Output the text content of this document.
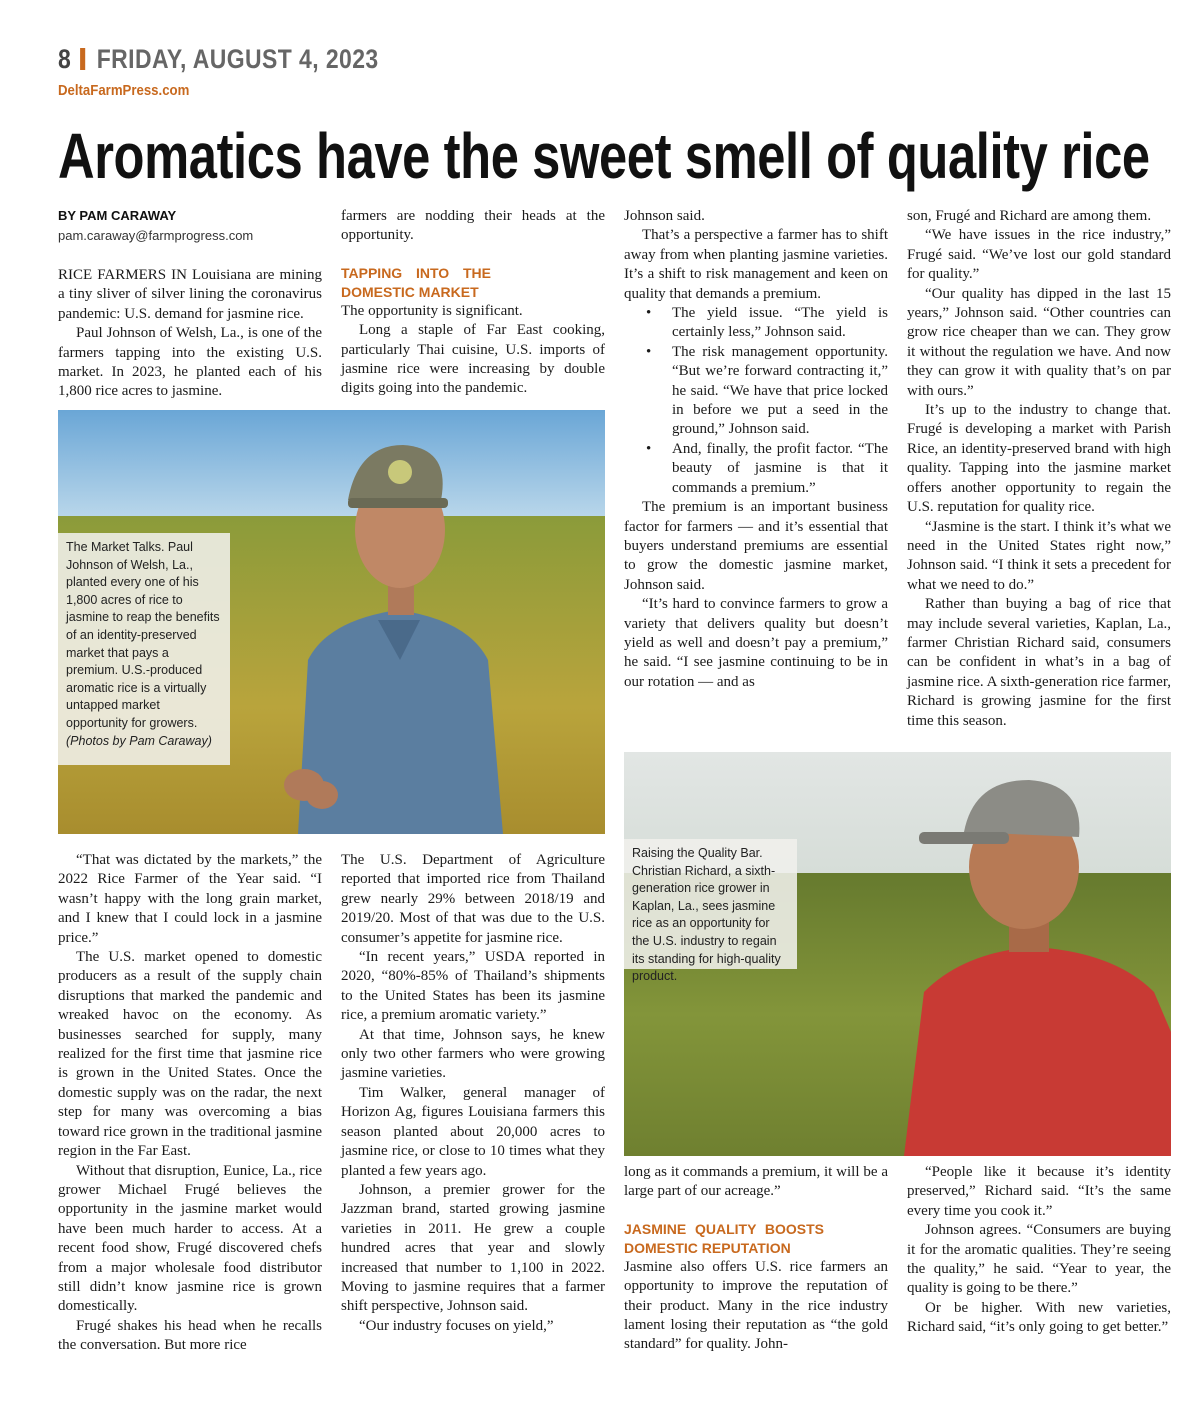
8 FRIDAY, AUGUST 4, 2023
DeltaFarmPress.com
Aromatics have the sweet smell of quality rice
BY PAM CARAWAY
pam.caraway@farmprogress.com

RICE FARMERS IN Louisiana are mining a tiny sliver of silver lining the coronavirus pandemic: U.S. demand for jasmine rice.

Paul Johnson of Welsh, La., is one of the farmers tapping into the existing U.S. market. In 2023, he planted each of his 1,800 rice acres to jasmine.

farmers are nodding their heads at the opportunity.

TAPPING INTO THE DOMESTIC MARKET

The opportunity is significant.

Long a staple of Far East cooking, particularly Thai cuisine, U.S. imports of jasmine rice were increasing by double digits going into the pandemic.

Johnson said.

That’s a perspective a farmer has to shift away from when planting jasmine varieties. It’s a shift to risk management and keen on quality that demands a premium.

• The yield issue. “The yield is certainly less,” Johnson said.
• The risk management opportunity. “But we’re forward contracting it,” he said. “We have that price locked in before we put a seed in the ground,” Johnson said.
• And, finally, the profit factor. “The beauty of jasmine is that it commands a premium.”

The premium is an important business factor for farmers — and it’s essential that buyers understand premiums are essential to grow the domestic jasmine market, Johnson said.

“It’s hard to convince farmers to grow a variety that delivers quality but doesn’t yield as well and doesn’t pay a premium,” he said. “I see jasmine continuing to be in our rotation — and as

son, Frugé and Richard are among them.

“We have issues in the rice industry,” Frugé said. “We’ve lost our gold standard for quality.”

“Our quality has dipped in the last 15 years,” Johnson said. “Other countries can grow rice cheaper than we can. They grow it without the regulation we have. And now they can grow it with quality that’s on par with ours.”

It’s up to the industry to change that. Frugé is developing a market with Parish Rice, an identity-preserved brand with high quality. Tapping into the jasmine market offers another opportunity to regain the U.S. reputation for quality rice.

“Jasmine is the start. I think it’s what we need in the United States right now,” Johnson said. “I think it sets a precedent for what we need to do.”

Rather than buying a bag of rice that may include several varieties, Kaplan, La., farmer Christian Richard said, consumers can be confident in what’s in a bag of jasmine rice. A sixth-generation rice farmer, Richard is growing jasmine for the first time this season.

The Market Talks. Paul Johnson of Welsh, La., planted every one of his 1,800 acres of rice to jasmine to reap the benefits of an identity-preserved market that pays a premium. U.S.-produced aromatic rice is a virtually untapped market opportunity for growers. (Photos by Pam Caraway)

“That was dictated by the markets,” the 2022 Rice Farmer of the Year said. “I wasn’t happy with the long grain market, and I knew that I could lock in a jasmine price.”

The U.S. market opened to domestic producers as a result of the supply chain disruptions that marked the pandemic and wreaked havoc on the economy. As businesses searched for supply, many realized for the first time that jasmine rice is grown in the United States. Once the domestic supply was on the radar, the next step for many was overcoming a bias toward rice grown in the traditional jasmine region in the Far East.

Without that disruption, Eunice, La., rice grower Michael Frugé believes the opportunity in the jasmine market would have been much harder to access. At a recent food show, Frugé discovered chefs from a major wholesale food distributor still didn’t know jasmine rice is grown domestically.

Frugé shakes his head when he recalls the conversation. But more rice

The U.S. Department of Agriculture reported that imported rice from Thailand grew nearly 29% between 2018/19 and 2019/20. Most of that was due to the U.S. consumer’s appetite for jasmine rice.

“In recent years,” USDA reported in 2020, “80%-85% of Thailand’s shipments to the United States has been its jasmine rice, a premium aromatic variety.”

At that time, Johnson says, he knew only two other farmers who were growing jasmine varieties.

Tim Walker, general manager of Horizon Ag, figures Louisiana farmers this season planted about 20,000 acres to jasmine rice, or close to 10 times what they planted a few years ago.

Johnson, a premier grower for the Jazzman brand, started growing jasmine varieties in 2011. He grew a couple hundred acres that year and slowly increased that number to 1,100 in 2022. Moving to jasmine requires that a farmer shift perspective, Johnson said.

“Our industry focuses on yield,”

Raising the Quality Bar. Christian Richard, a sixth-generation rice grower in Kaplan, La., sees jasmine rice as an opportunity for the U.S. industry to regain its standing for high-quality product.

long as it commands a premium, it will be a large part of our acreage.”

JASMINE QUALITY BOOSTS DOMESTIC REPUTATION

Jasmine also offers U.S. rice farmers an opportunity to improve the reputation of their product. Many in the rice industry lament losing their reputation as “the gold standard” for quality. John-

“People like it because it’s identity preserved,” Richard said. “It’s the same every time you cook it.”

Johnson agrees. “Consumers are buying it for the aromatic qualities. They’re seeing the quality,” he said. “Year to year, the quality is going to be there.”

Or be higher. With new varieties, Richard said, “it’s only going to get better.”
